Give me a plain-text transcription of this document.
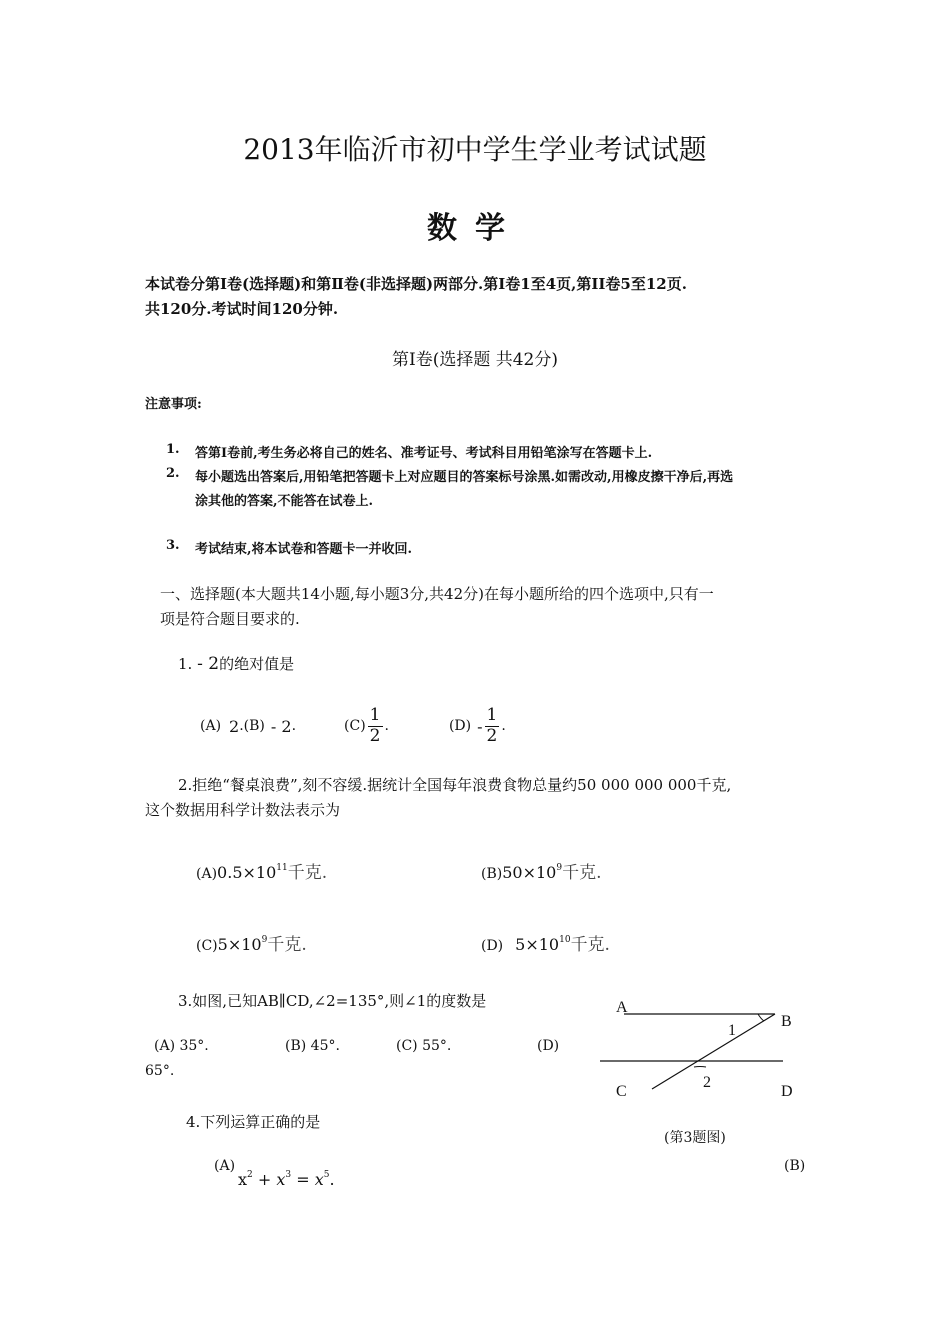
2013年临沂市初中学生学业考试试题
数学
本试卷分第Ⅰ卷(选择题)和第Ⅱ卷(非选择题)两部分.第I卷1至4页,第II卷5至12页.
共120分.考试时间120分钟.
第Ⅰ卷(选择题 共42分)
注意事项:
1. 答第I卷前,考生务必将自己的姓名、准考证号、考试科目用铅笔涂写在答题卡上.
2. 每小题选出答案后,用铅笔把答题卡上对应题目的答案标号涂黑.如需改动,用橡皮擦干净后,再选
涂其他的答案,不能答在试卷上.
3. 考试结束,将本试卷和答题卡一并收回.
一、选择题(本大题共14小题,每小题3分,共42分)在每小题所给的四个选项中,只有一
项是符合题目要求的.
1. - 2的绝对值是
(A) 2 .(B) - 2 .	$(C) \frac{1}{2}$ .	$(D) - \frac{1}{2}$ .
2.拒绝“餐桌浪费”,刻不容缓.据统计全国每年浪费食物总量约50 000 000 000千克,
这个数据用科学计数法表示为
$(A)0.5\times 10^{11}$千克.	$(B)50\times 10^9$千克.
$(C)5\times 10^9$千克.	(D) $5\times 10^{10}$千克.
3.如图,已知AB∥CD,∠2=135°,则∠1的度数是
(A) 35°.	(B) 45°.	(C) 55°.	(D)
65°.
A
B
C	D
1
2
(第3题图)
4.下列运算正确的是
(A)
$x^2 + x^3 = x^5$.
(B)
